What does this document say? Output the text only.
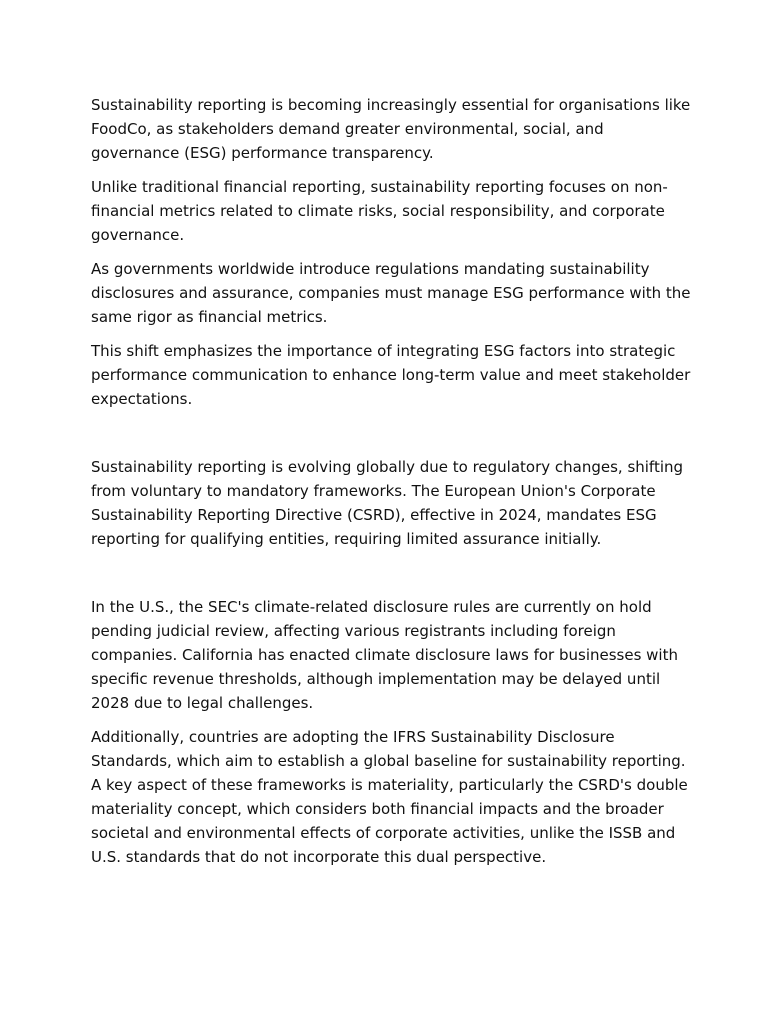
Sustainability reporting is becoming increasingly essential for organisations like FoodCo, as stakeholders demand greater environmental, social, and governance (ESG) performance transparency.

Unlike traditional financial reporting, sustainability reporting focuses on non-financial metrics related to climate risks, social responsibility, and corporate governance.

As governments worldwide introduce regulations mandating sustainability disclosures and assurance, companies must manage ESG performance with the same rigor as financial metrics.

This shift emphasizes the importance of integrating ESG factors into strategic performance communication to enhance long-term value and meet stakeholder expectations.

Sustainability reporting is evolving globally due to regulatory changes, shifting from voluntary to mandatory frameworks. The European Union's Corporate Sustainability Reporting Directive (CSRD), effective in 2024, mandates ESG reporting for qualifying entities, requiring limited assurance initially.

In the U.S., the SEC's climate-related disclosure rules are currently on hold pending judicial review, affecting various registrants including foreign companies. California has enacted climate disclosure laws for businesses with specific revenue thresholds, although implementation may be delayed until 2028 due to legal challenges.

Additionally, countries are adopting the IFRS Sustainability Disclosure Standards, which aim to establish a global baseline for sustainability reporting. A key aspect of these frameworks is materiality, particularly the CSRD's double materiality concept, which considers both financial impacts and the broader societal and environmental effects of corporate activities, unlike the ISSB and U.S. standards that do not incorporate this dual perspective.
